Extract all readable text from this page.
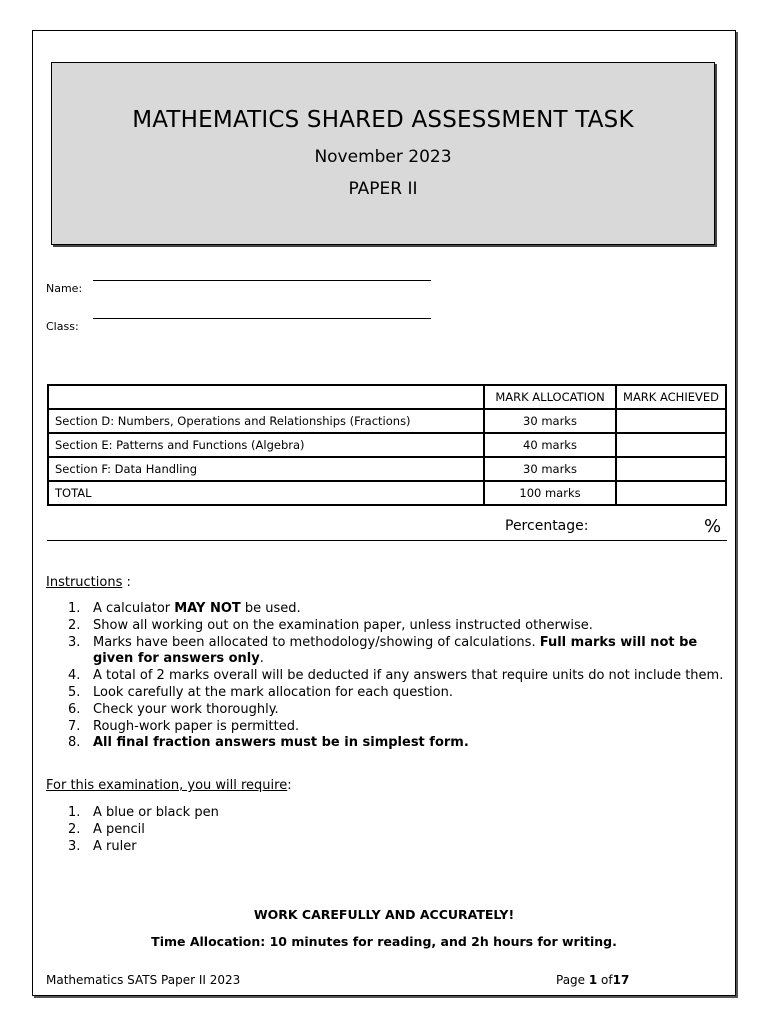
MATHEMATICS SHARED ASSESSMENT TASK
November 2023
PAPER II
Name:
Class:
	MARK ALLOCATION	MARK ACHIEVED
Section D: Numbers, Operations and Relationships (Fractions)	30 marks	
Section E: Patterns and Functions (Algebra)	40 marks	
Section F: Data Handling	30 marks	
TOTAL	100 marks	
Percentage:	%
Instructions :
1. A calculator MAY NOT be used.
2. Show all working out on the examination paper, unless instructed otherwise.
3. Marks have been allocated to methodology/showing of calculations. Full marks will not be given for answers only.
4. A total of 2 marks overall will be deducted if any answers that require units do not include them.
5. Look carefully at the mark allocation for each question.
6. Check your work thoroughly.
7. Rough-work paper is permitted.
8. All final fraction answers must be in simplest form.
For this examination, you will require:
1. A blue or black pen
2. A pencil
3. A ruler
WORK CAREFULLY AND ACCURATELY!
Time Allocation: 10 minutes for reading, and 2h hours for writing.
Mathematics SATS Paper II 2023	Page 1 of17
